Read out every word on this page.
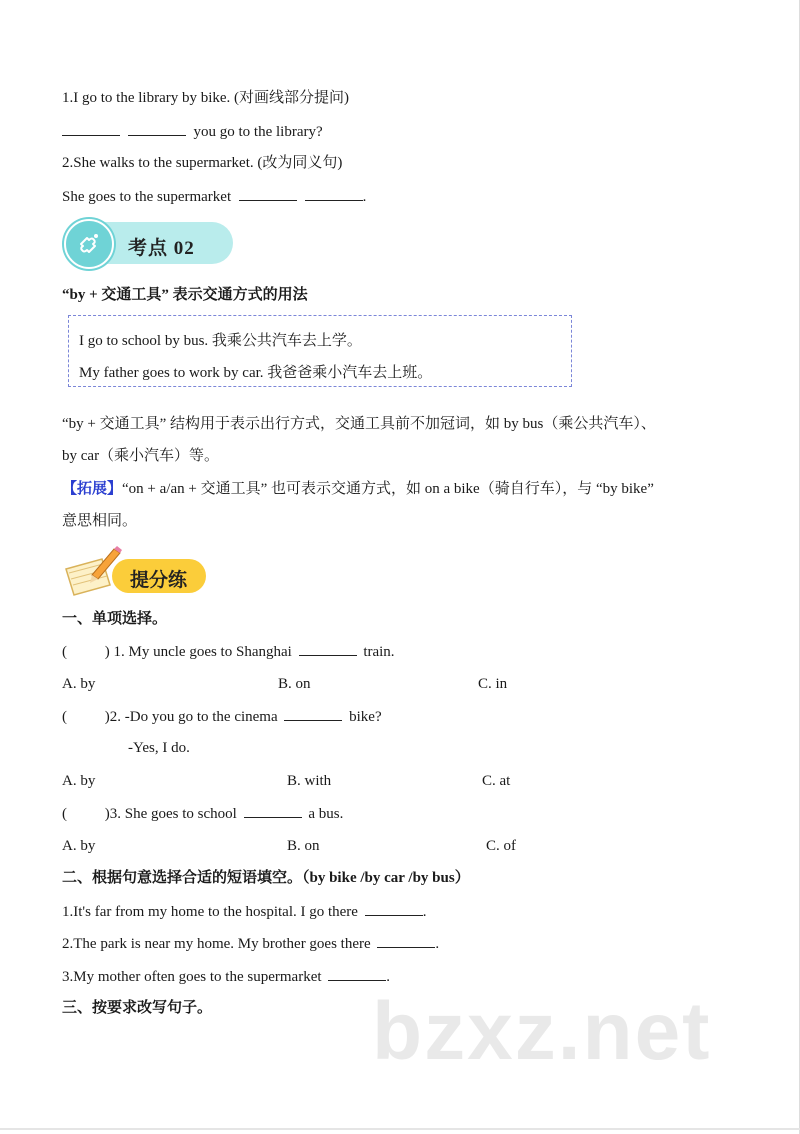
1.I go to the library by bike. (对画线部分提问)
you go to the library?
2.She walks to the supermarket. (改为同义句)
She goes to the supermarket	.
考点 02
“by + 交通工具” 表示交通方式的用法
I go to school by bus. 我乘公共汽车去上学。
My father goes to work by car. 我爸爸乘小汽车去上班。
“by + 交通工具” 结构用于表示出行方式，交通工具前不加冠词，如 by bus（乘公共汽车）、
by car（乘小汽车）等。
【拓展】“on + a/an + 交通工具” 也可表示交通方式，如 on a bike（骑自行车），与 “by bike”
意思相同。
提分练
一、单项选择。
(	) 1. My uncle goes to Shanghai	train.
A. by	B. on	C. in
(	)2. -Do you go to the cinema	bike?
-Yes, I do.
A. by	B. with	C. at
(	)3. She goes to school	a bus.
A. by	B. on	C. of
二、根据句意选择合适的短语填空。（by bike /by car /by bus）
1.It's far from my home to the hospital. I go there	.
2.The park is near my home. My brother goes there	.
3.My mother often goes to the supermarket	.
三、按要求改写句子。 bzxz.net
